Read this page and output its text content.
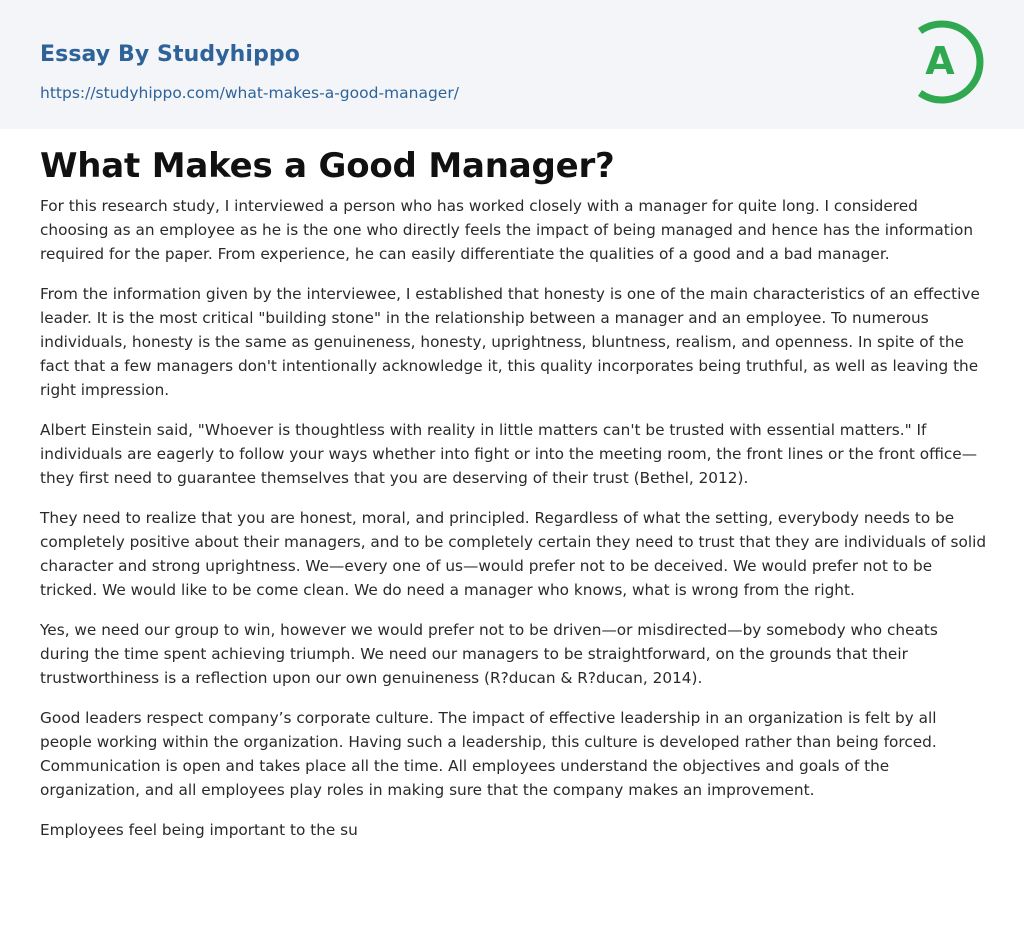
Essay By Studyhippo
https://studyhippo.com/what-makes-a-good-manager/
A
What Makes a Good Manager?

For this research study, I interviewed a person who has worked closely with a manager for quite long. I considered choosing as an employee as he is the one who directly feels the impact of being managed and hence has the information required for the paper. From experience, he can easily differentiate the qualities of a good and a bad manager.

From the information given by the interviewee, I established that honesty is one of the main characteristics of an effective leader. It is the most critical "building stone" in the relationship between a manager and an employee. To numerous individuals, honesty is the same as genuineness, honesty, uprightness, bluntness, realism, and openness. In spite of the fact that a few managers don't intentionally acknowledge it, this quality incorporates being truthful, as well as leaving the right impression.

Albert Einstein said, "Whoever is thoughtless with reality in little matters can't be trusted with essential matters." If individuals are eagerly to follow your ways whether into fight or into the meeting room, the front lines or the front office—they first need to guarantee themselves that you are deserving of their trust (Bethel, 2012).

They need to realize that you are honest, moral, and principled. Regardless of what the setting, everybody needs to be completely positive about their managers, and to be completely certain they need to trust that they are individuals of solid character and strong uprightness. We—every one of us—would prefer not to be deceived. We would prefer not to be tricked. We would like to be come clean. We do need a manager who knows, what is wrong from the right.

Yes, we need our group to win, however we would prefer not to be driven—or misdirected—by somebody who cheats during the time spent achieving triumph. We need our managers to be straightforward, on the grounds that their trustworthiness is a reflection upon our own genuineness (R?ducan & R?ducan, 2014).

Good leaders respect company’s corporate culture. The impact of effective leadership in an organization is felt by all people working within the organization. Having such a leadership, this culture is developed rather than being forced. Communication is open and takes place all the time. All employees understand the objectives and goals of the organization, and all employees play roles in making sure that the company makes an improvement.

Employees feel being important to the su
